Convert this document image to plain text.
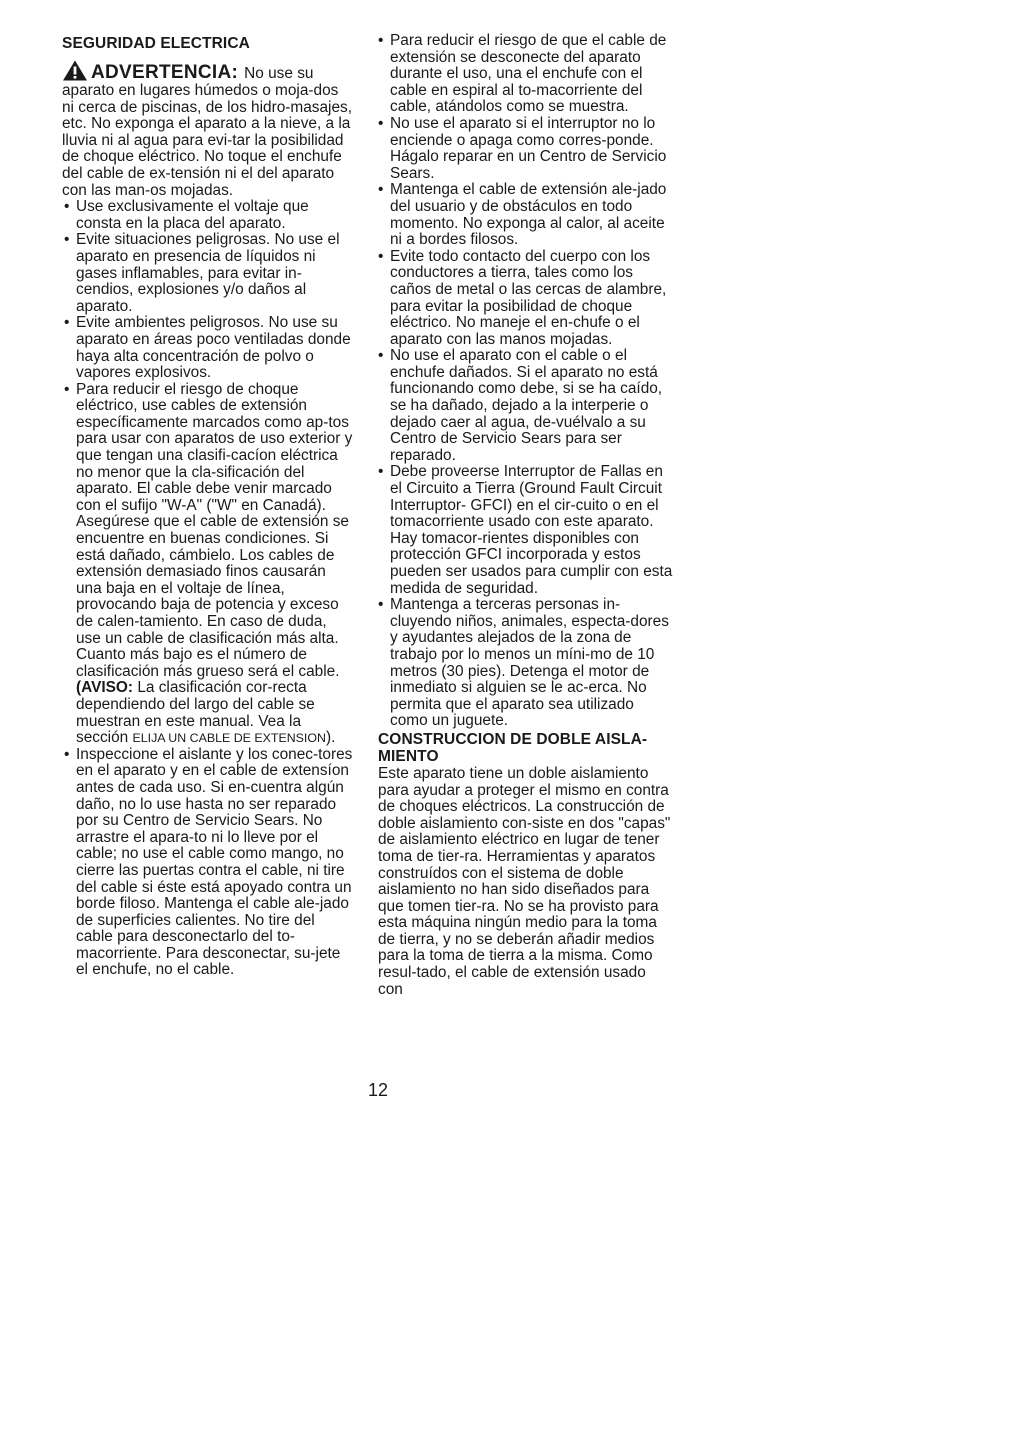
SEGURIDAD ELECTRICA

ADVERTENCIA: No use su

aparato en lugares húmedos o moja-dos ni cerca de piscinas, de los hidro-masajes, etc. No exponga el aparato a la nieve, a la lluvia ni al agua para evi-tar la posibilidad de choque eléctrico. No toque el enchufe del cable de ex-tensión ni el del aparato con las man-os mojadas.

• Use exclusivamente el voltaje que consta en la placa del aparato.
• Evite situaciones peligrosas. No use el aparato en presencia de líquidos ni gases inflamables, para evitar in-cendios, explosiones y/o daños al aparato.
• Evite ambientes peligrosos. No use su aparato en áreas poco ventiladas donde haya alta concentración de polvo o vapores explosivos.
• Para reducir el riesgo de choque eléctrico, use cables de extensión específicamente marcados como ap-tos para usar con aparatos de uso exterior y que tengan una clasifi-cacíon eléctrica no menor que la cla-sificación del aparato. El cable debe venir marcado con el sufijo "W-A" ("W" en Canadá). Asegúrese que el cable de extensión se encuentre en buenas condiciones. Si está dañado, cámbielo. Los cables de extensión demasiado finos causarán una baja en el voltaje de línea, provocando baja de potencia y exceso de calen-tamiento. En caso de duda, use un cable de clasificación más alta. Cuanto más bajo es el número de clasificación más grueso será el cable.(AVISO: La clasificación cor-recta dependiendo del largo del cable se muestran en este manual. Vea la sección ELIJA UN CABLE DE EXTENSION).
• Inspeccione el aislante y los conec-tores en el aparato y en el cable de extensíon antes de cada uso. Si en-cuentra algún daño, no lo use hasta no ser reparado por su Centro de Servicio Sears. No arrastre el apara-to ni lo lleve por el cable; no use el cable como mango, no cierre las puertas contra el cable, ni tire del cable si éste está apoyado contra un borde filoso. Mantenga el cable ale-jado de superficies calientes. No tire del cable para desconectarlo del to-macorriente. Para desconectar, su-jete el enchufe, no el cable.
• Para reducir el riesgo de que el cable de extensión se desconecte del aparato durante el uso, una el enchufe con el cable en espiral al to-macorriente del cable, atándolos como se muestra.
• No use el aparato si el interruptor no lo enciende o apaga como corres-ponde. Hágalo reparar en un Centro de Servicio Sears.
• Mantenga el cable de extensión ale-jado del usuario y de obstáculos en todo momento. No exponga al calor, al aceite ni a bordes filosos.
• Evite todo contacto del cuerpo con los conductores a tierra, tales como los caños de metal o las cercas de alambre, para evitar la posibilidad de choque eléctrico. No maneje el en-chufe o el aparato con las manos mojadas.
• No use el aparato con el cable o el enchufe dañados. Si el aparato no está funcionando como debe, si se ha caído, se ha dañado, dejado a la interperie o dejado caer al agua, de-vuélvalo a su Centro de Servicio Sears para ser reparado.
• Debe proveerse Interruptor de Fallas en el Circuito a Tierra (Ground Fault Circuit Interruptor- GFCI) en el cir-cuito o en el tomacorriente usado con este aparato. Hay tomacor-rientes disponibles con protección GFCI incorporada y estos pueden ser usados para cumplir con esta medida de seguridad.
• Mantenga a terceras personas in-cluyendo niños, animales, especta-dores y ayudantes alejados de la zona de trabajo por lo menos un míni-mo de 10 metros (30 pies). Detenga el motor de inmediato si alguien se le ac-erca. No permita que el aparato sea utilizado como un juguete.

CONSTRUCCION DE DOBLE AISLA-MIENTO

Este aparato tiene un doble aislamiento para ayudar a proteger el mismo en contra de choques eléctricos. La construcción de doble aislamiento con-siste en dos "capas" de aislamiento eléctrico en lugar de tener toma de tier-ra. Herramientas y aparatos construídos con el sistema de doble aislamiento no han sido diseñados para que tomen tier-ra. No se ha provisto para esta máquina ningún medio para la toma de tierra, y no se deberán añadir medios para la toma de tierra a la misma. Como resul-tado, el cable de extensión usado con

12
